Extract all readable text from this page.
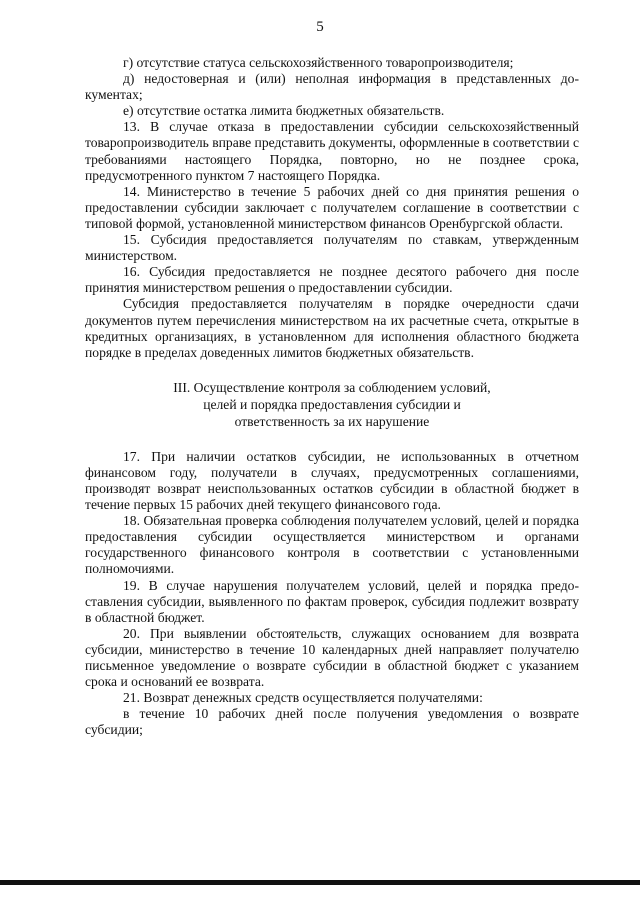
5

г) отсутствие статуса сельскохозяйственного товаропроизводителя;

д) недостоверная и (или) неполная информация в представленных документах;

е) отсутствие остатка лимита бюджетных обязательств.

13. В случае отказа в предоставлении субсидии сельскохозяйственный товаропроизводитель вправе представить документы, оформленные в соответствии с требованиями настоящего Порядка, повторно, но не позднее срока, предусмотренного пунктом 7 настоящего Порядка.

14. Министерство в течение 5 рабочих дней со дня принятия решения о предоставлении субсидии заключает с получателем соглашение в соответствии с типовой формой, установленной министерством финансов Оренбургской области.

15. Субсидия предоставляется получателям по ставкам, утвержденным министерством.

16. Субсидия предоставляется не позднее десятого рабочего дня после принятия министерством решения о предоставлении субсидии.

Субсидия предоставляется получателям в порядке очередности сдачи документов путем перечисления министерством на их расчетные счета, открытые в кредитных организациях, в установленном для исполнения областного бюджета порядке в пределах доведенных лимитов бюджетных обязательств.

III. Осуществление контроля за соблюдением условий,
целей и порядка предоставления субсидии и
ответственность за их нарушение

17. При наличии остатков субсидии, не использованных в отчетном финансовом году, получатели в случаях, предусмотренных соглашениями, производят возврат неиспользованных остатков субсидии в областной бюджет в течение первых 15 рабочих дней текущего финансового года.

18. Обязательная проверка соблюдения получателем условий, целей и порядка предоставления субсидии осуществляется министерством и органами государственного финансового контроля в соответствии с установленными полномочиями.

19. В случае нарушения получателем условий, целей и порядка предоставления субсидии, выявленного по фактам проверок, субсидия подлежит возврату в областной бюджет.

20. При выявлении обстоятельств, служащих основанием для возврата субсидии, министерство в течение 10 календарных дней направляет получателю письменное уведомление о возврате субсидии в областной бюджет с указанием срока и оснований ее возврата.

21. Возврат денежных средств осуществляется получателями:

в течение 10 рабочих дней после получения уведомления о возврате субсидии;
